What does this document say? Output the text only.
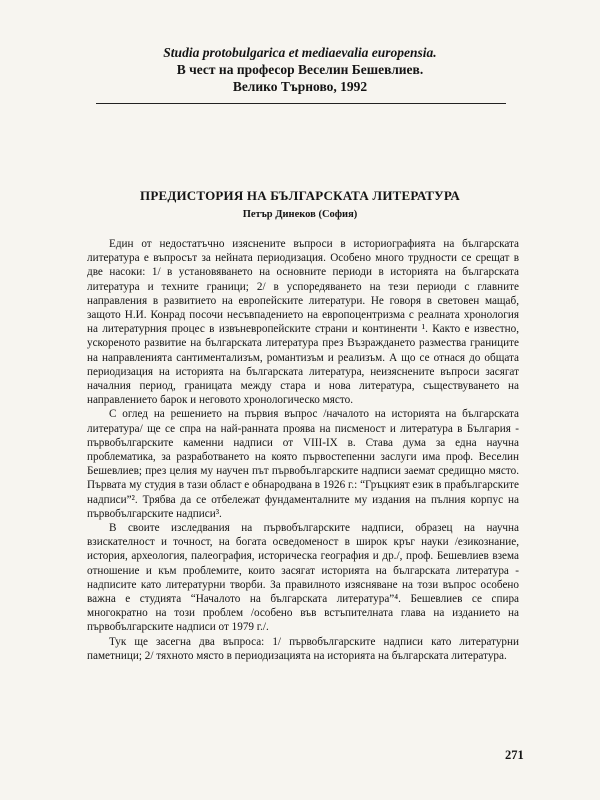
Studia protobulgarica et mediaevalia europensia.
В чест на професор Веселин Бешевлиев.
Велико Търново, 1992
ПРЕДИСТОРИЯ НА БЪЛГАРСКАТА ЛИТЕРАТУРА
Петър Динеков (София)

Един от недостатъчно изяснените въпроси в историографията на българската литература е въпросът за нейната периодизация. Особено много трудности се срещат в две насоки: 1/ в установяването на основните периоди в историята на българската литература и техните граници; 2/ в успоредяването на тези периоди с главните направления в развитието на европейските литератури. Не говоря в световен мащаб, защото Н.И. Конрад посочи несъвпадението на европоцентризма с реалната хронология на литературния процес в извъневропейските страни и континенти ¹. Както е известно, ускореното развитие на българската литература през Възраждането размества границите на направленията сантиментализъм, романтизъм и реализъм. А що се отнася до общата периодизация на историята на българската литература, неизяснените въпроси засягат началния период, границата между стара и нова литература, съществуването на направлението барок и неговото хронологическо място.

С оглед на решението на първия въпрос /началото на историята на българската литература/ ще се спра на най-ранната проява на писменост и литература в България - първобългарските каменни надписи от VIII-IX в. Става дума за една научна проблематика, за разработването на която първостепенни заслуги има проф. Веселин Бешевлиев; през целия му научен път първобългарските надписи заемат средищно място. Първата му студия в тази област е обнародвана в 1926 г.: “Гръцкият език в прабългарските надписи”². Трябва да се отбележат фундаменталните му издания на пълния корпус на първобългарските надписи³.

В своите изследвания на първобългарските надписи, образец на научна взискателност и точност, на богата осведоменост в широк кръг науки /езикознание, история, археология, палеография, историческа география и др./, проф. Бешевлиев взема отношение и към проблемите, които засягат историята на българската литература - надписите като литературни творби. За правилното изясняване на този въпрос особено важна е студията “Началото на българската литература”⁴. Бешевлиев се спира многократно на този проблем /особено във встъпителната глава на изданието на първобългарските надписи от 1979 г./.

Тук ще засегна два въпроса: 1/ първобългарските надписи като литературни паметници; 2/ тяхното място в периодизацията на историята на българската литература.

271
